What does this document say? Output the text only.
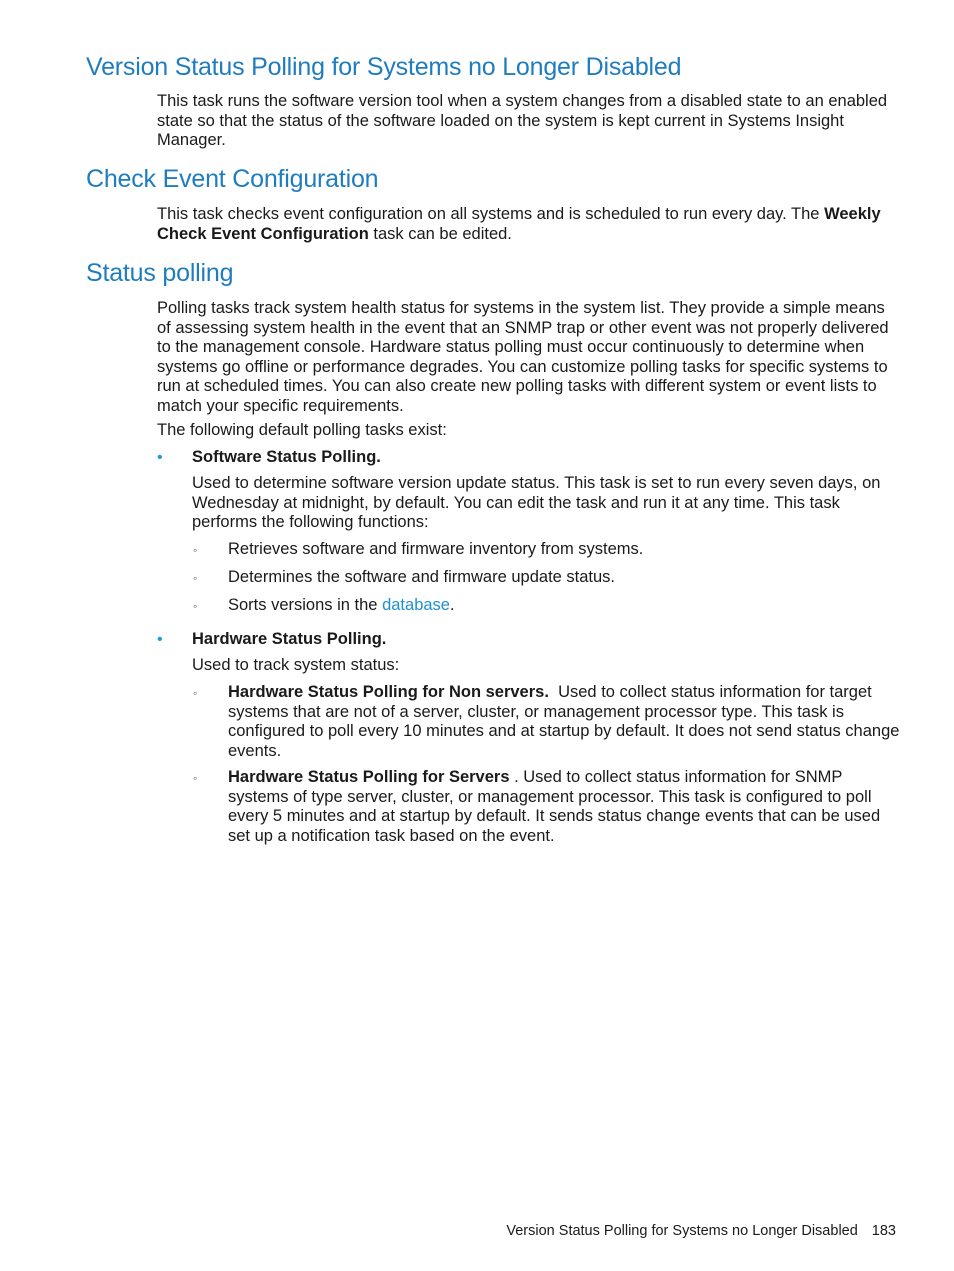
Version Status Polling for Systems no Longer Disabled

This task runs the software version tool when a system changes from a disabled state to an enabled state so that the status of the software loaded on the system is kept current in Systems Insight Manager.

Check Event Configuration

This task checks event configuration on all systems and is scheduled to run every day. The Weekly Check Event Configuration task can be edited.

Status polling

Polling tasks track system health status for systems in the system list. They provide a simple means of assessing system health in the event that an SNMP trap or other event was not properly delivered to the management console. Hardware status polling must occur continuously to determine when systems go offline or performance degrades. You can customize polling tasks for specific systems to run at scheduled times. You can also create new polling tasks with different system or event lists to match your specific requirements.

The following default polling tasks exist:

• Software Status Polling.

Used to determine software version update status. This task is set to run every seven days, on Wednesday at midnight, by default. You can edit the task and run it at any time. This task performs the following functions:

◦ Retrieves software and firmware inventory from systems.

◦ Determines the software and firmware update status.

◦ Sorts versions in the database.

• Hardware Status Polling.

Used to track system status:

◦ Hardware Status Polling for Non servers.  Used to collect status information for target systems that are not of a server, cluster, or management processor type. This task is configured to poll every 10 minutes and at startup by default. It does not send status change events.

◦ Hardware Status Polling for Servers . Used to collect status information for SNMP systems of type server, cluster, or management processor. This task is configured to poll every 5 minutes and at startup by default. It sends status change events that can be used set up a notification task based on the event.

Version Status Polling for Systems no Longer Disabled 183
